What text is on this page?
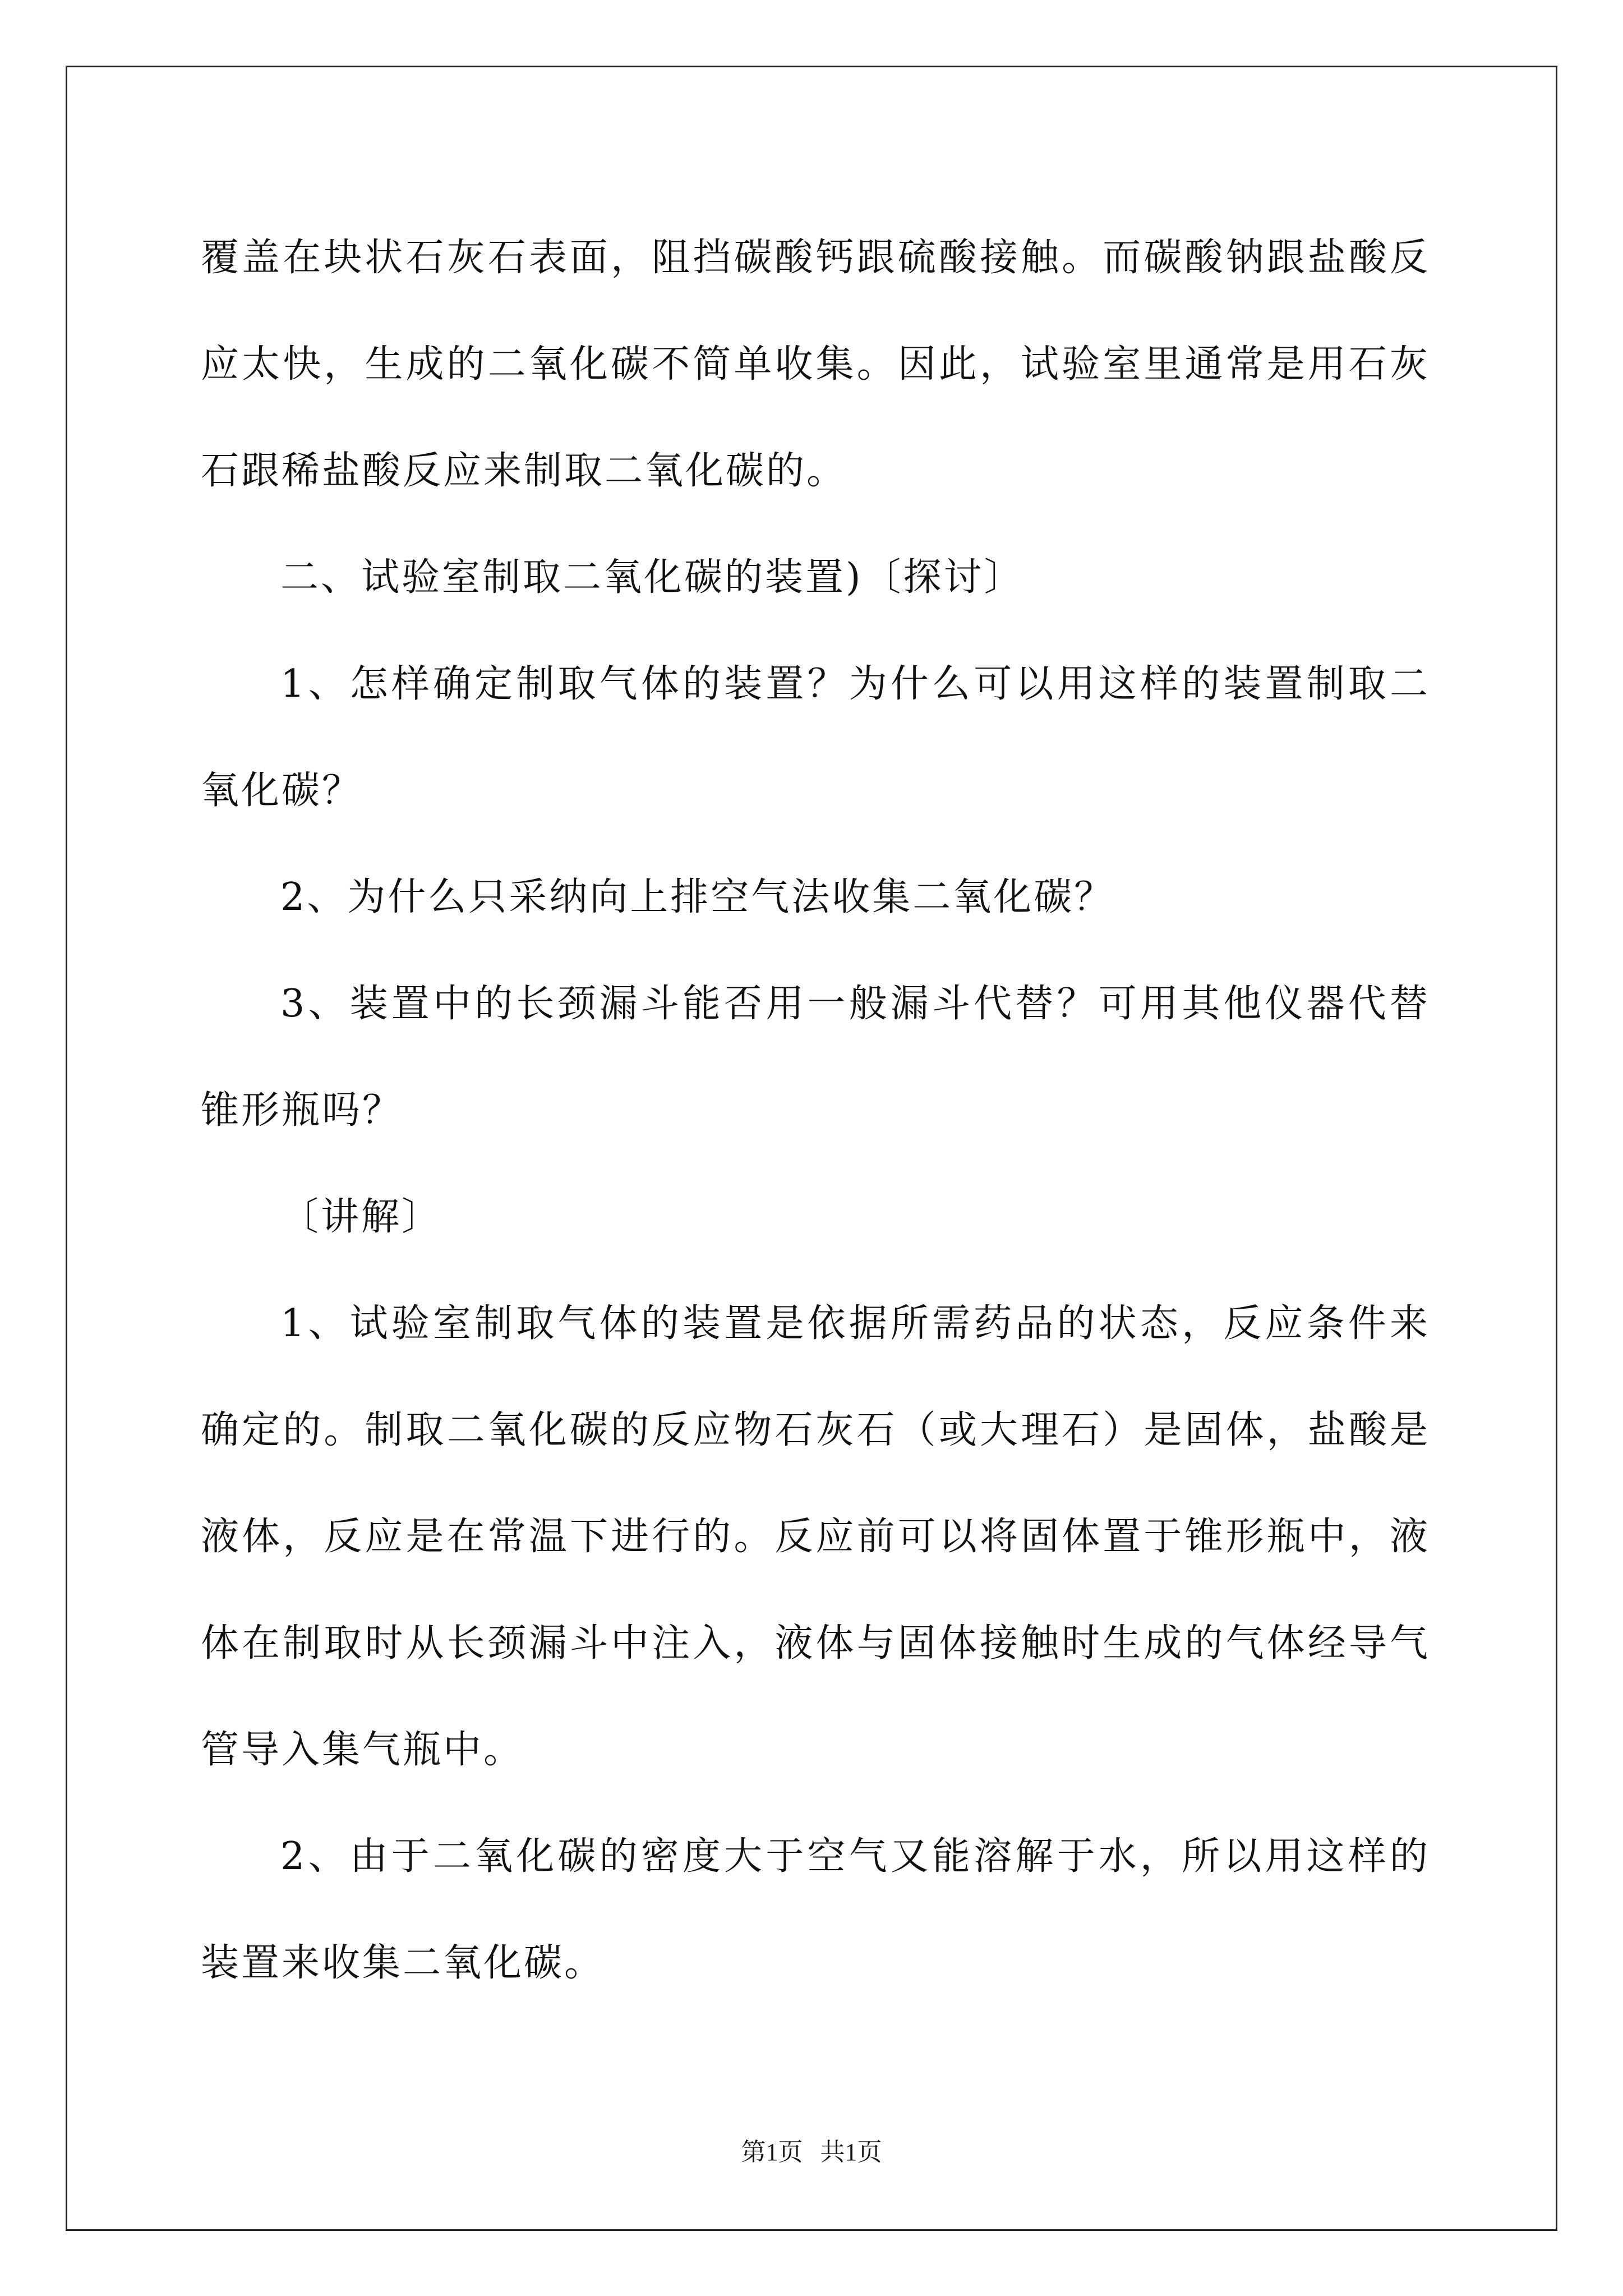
覆盖在块状石灰石表面，阻挡碳酸钙跟硫酸接触。而碳酸钠跟盐酸反应太快，生成的二氧化碳不简单收集。因此，试验室里通常是用石灰石跟稀盐酸反应来制取二氧化碳的。

二、试验室制取二氧化碳的装置)〔探讨〕

1、怎样确定制取气体的装置？为什么可以用这样的装置制取二氧化碳？

2、为什么只采纳向上排空气法收集二氧化碳？

3、装置中的长颈漏斗能否用一般漏斗代替？可用其他仪器代替锥形瓶吗？

〔讲解〕

1、试验室制取气体的装置是依据所需药品的状态，反应条件来确定的。制取二氧化碳的反应物石灰石（或大理石）是固体，盐酸是液体，反应是在常温下进行的。反应前可以将固体置于锥形瓶中，液体在制取时从长颈漏斗中注入，液体与固体接触时生成的气体经导气管导入集气瓶中。

2、由于二氧化碳的密度大于空气又能溶解于水，所以用这样的装置来收集二氧化碳。

第1页 共1页
